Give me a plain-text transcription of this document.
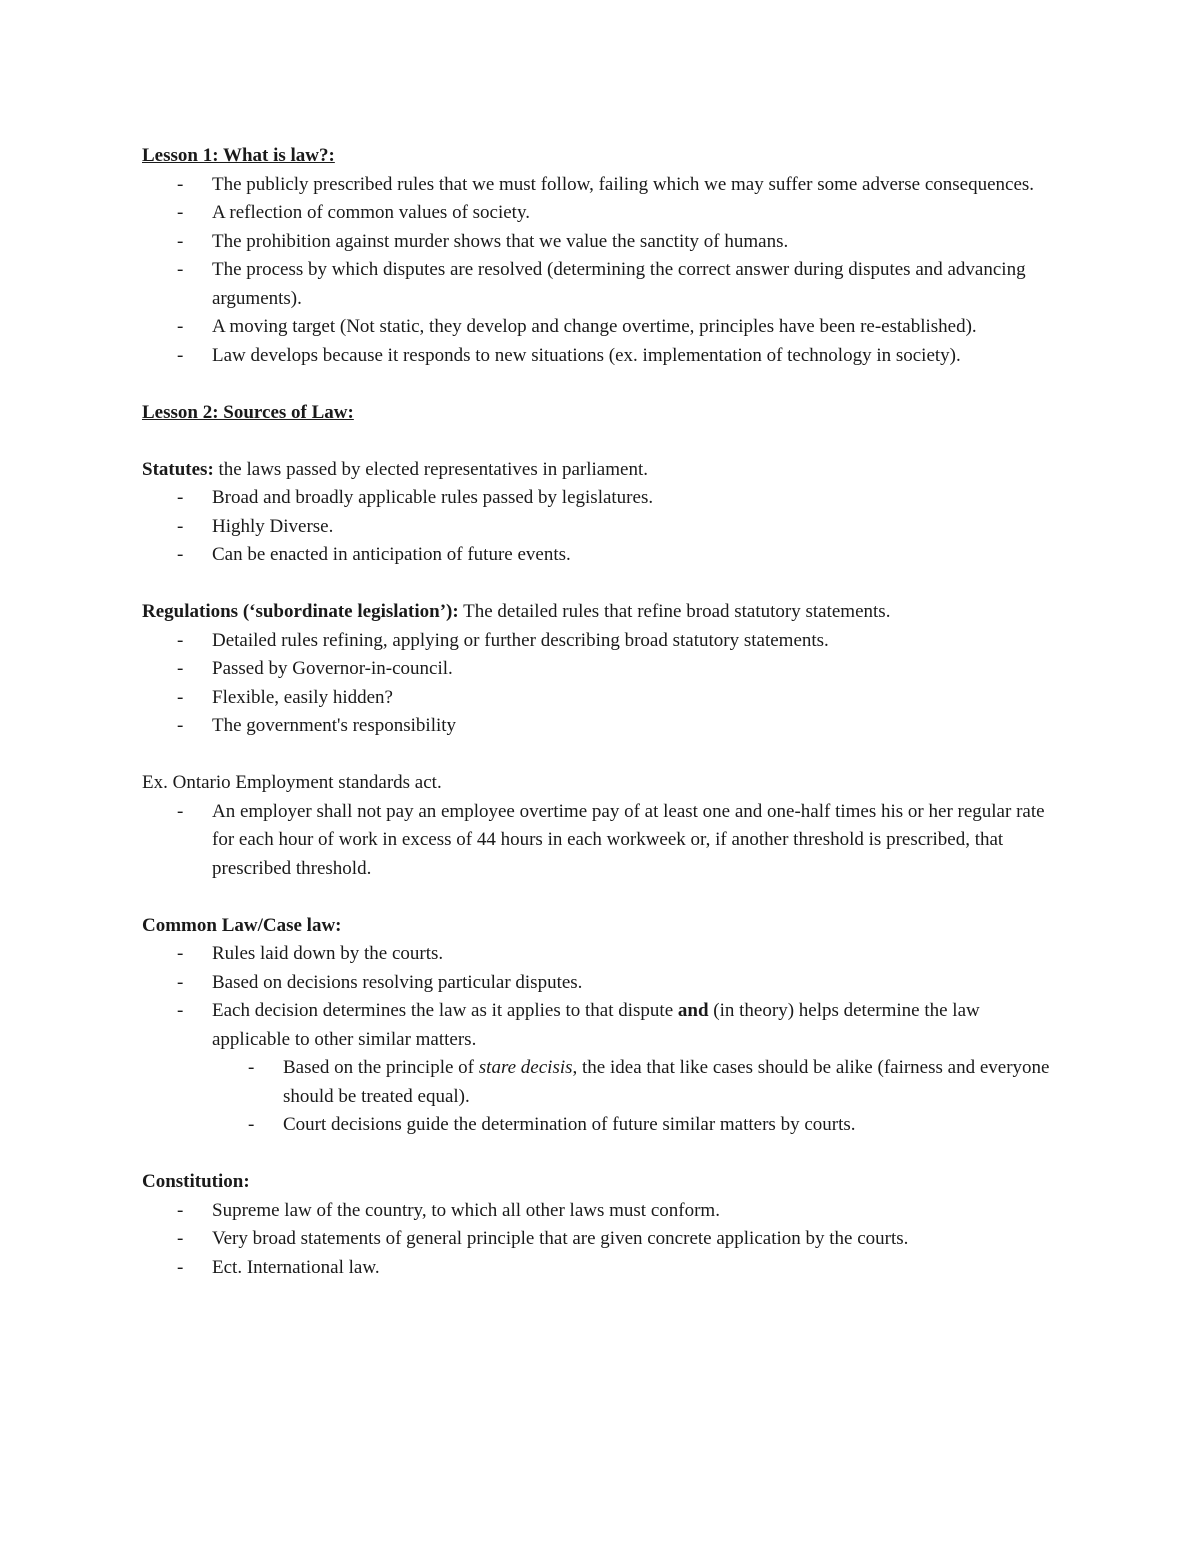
Lesson 1: What is law?:
- The publicly prescribed rules that we must follow, failing which we may suffer some adverse consequences.
- A reflection of common values of society.
- The prohibition against murder shows that we value the sanctity of humans.
- The process by which disputes are resolved (determining the correct answer during disputes and advancing arguments).
- A moving target (Not static, they develop and change overtime, principles have been re-established).
- Law develops because it responds to new situations (ex. implementation of technology in society).
Lesson 2: Sources of Law:
Statutes: the laws passed by elected representatives in parliament.
- Broad and broadly applicable rules passed by legislatures.
- Highly Diverse.
- Can be enacted in anticipation of future events.
Regulations (‘subordinate legislation’): The detailed rules that refine broad statutory statements.
- Detailed rules refining, applying or further describing broad statutory statements.
- Passed by Governor-in-council.
- Flexible, easily hidden?
- The government's responsibility
Ex. Ontario Employment standards act.
- An employer shall not pay an employee overtime pay of at least one and one-half times his or her regular rate for each hour of work in excess of 44 hours in each workweek or, if another threshold is prescribed, that prescribed threshold.
Common Law/Case law:
- Rules laid down by the courts.
- Based on decisions resolving particular disputes.
- Each decision determines the law as it applies to that dispute and (in theory) helps determine the law applicable to other similar matters.
- Based on the principle of stare decisis, the idea that like cases should be alike (fairness and everyone should be treated equal).
- Court decisions guide the determination of future similar matters by courts.
Constitution:
- Supreme law of the country, to which all other laws must conform.
- Very broad statements of general principle that are given concrete application by the courts.
- Ect. International law.
